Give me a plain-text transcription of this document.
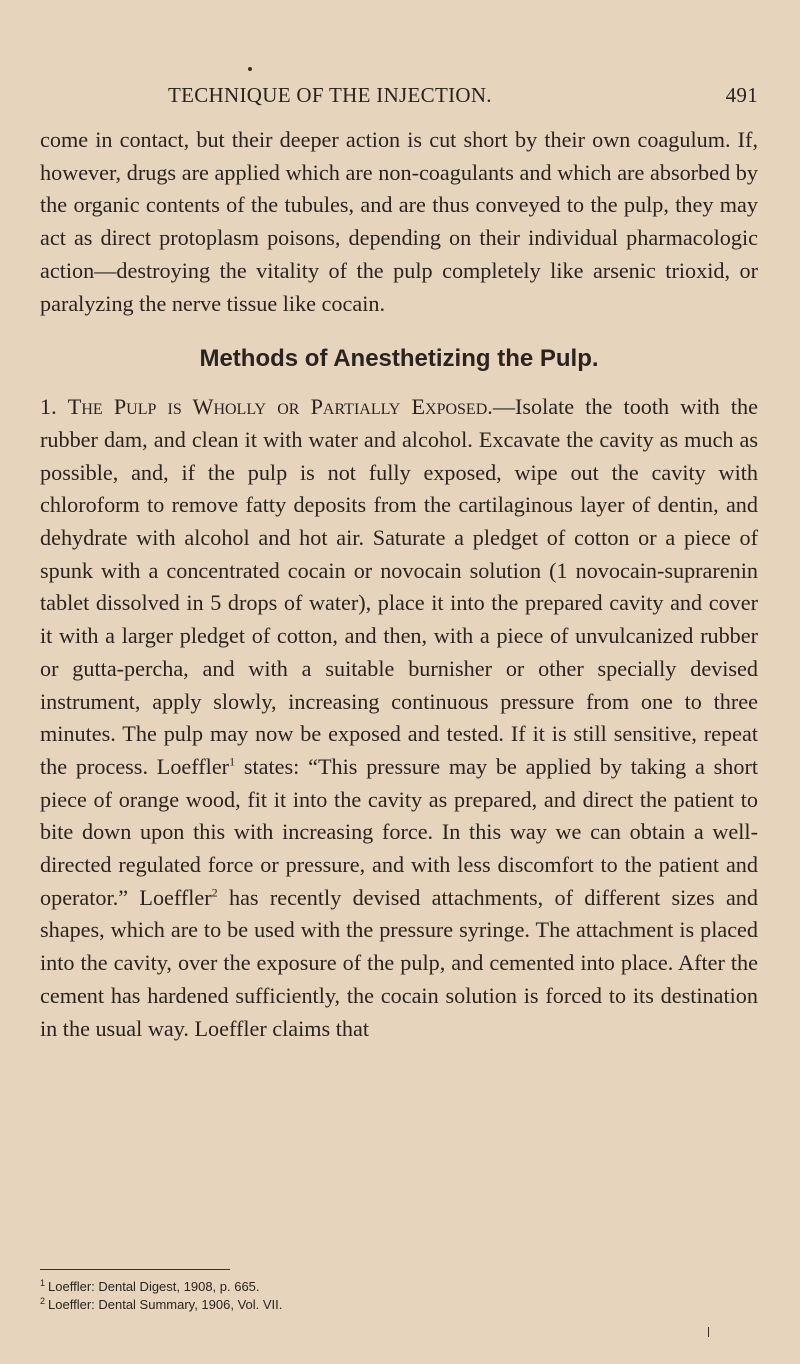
TECHNIQUE OF THE INJECTION.	491

come in contact, but their deeper action is cut short by their own coagulum. If, however, drugs are applied which are non-coagulants and which are absorbed by the organic contents of the tubules, and are thus conveyed to the pulp, they may act as direct protoplasm poisons, depending on their individual pharmacologic action—destroying the vitality of the pulp completely like arsenic trioxid, or paralyzing the nerve tissue like cocain.

Methods of Anesthetizing the Pulp.

1. The Pulp is Wholly or Partially Exposed.—Isolate the tooth with the rubber dam, and clean it with water and alcohol. Excavate the cavity as much as possible, and, if the pulp is not fully exposed, wipe out the cavity with chloroform to remove fatty deposits from the cartilaginous layer of dentin, and dehydrate with alcohol and hot air. Saturate a pledget of cotton or a piece of spunk with a concentrated cocain or novocain solution (1 novocain-suprarenin tablet dissolved in 5 drops of water), place it into the prepared cavity and cover it with a larger pledget of cotton, and then, with a piece of unvulcanized rubber or gutta-percha, and with a suitable burnisher or other specially devised instrument, apply slowly, increasing continuous pressure from one to three minutes. The pulp may now be exposed and tested. If it is still sensitive, repeat the process. Loeffler$^1$ states: “This pressure may be applied by taking a short piece of orange wood, fit it into the cavity as prepared, and direct the patient to bite down upon this with increasing force. In this way we can obtain a well-directed regulated force or pressure, and with less discomfort to the patient and operator.” Loeffler$^2$ has recently devised attachments, of different sizes and shapes, which are to be used with the pressure syringe. The attachment is placed into the cavity, over the exposure of the pulp, and cemented into place. After the cement has hardened sufficiently, the cocain solution is forced to its destination in the usual way. Loeffler claims that

$^1$ Loeffler: Dental Digest, 1908, p. 665.
$^2$ Loeffler: Dental Summary, 1906, Vol. VII.
